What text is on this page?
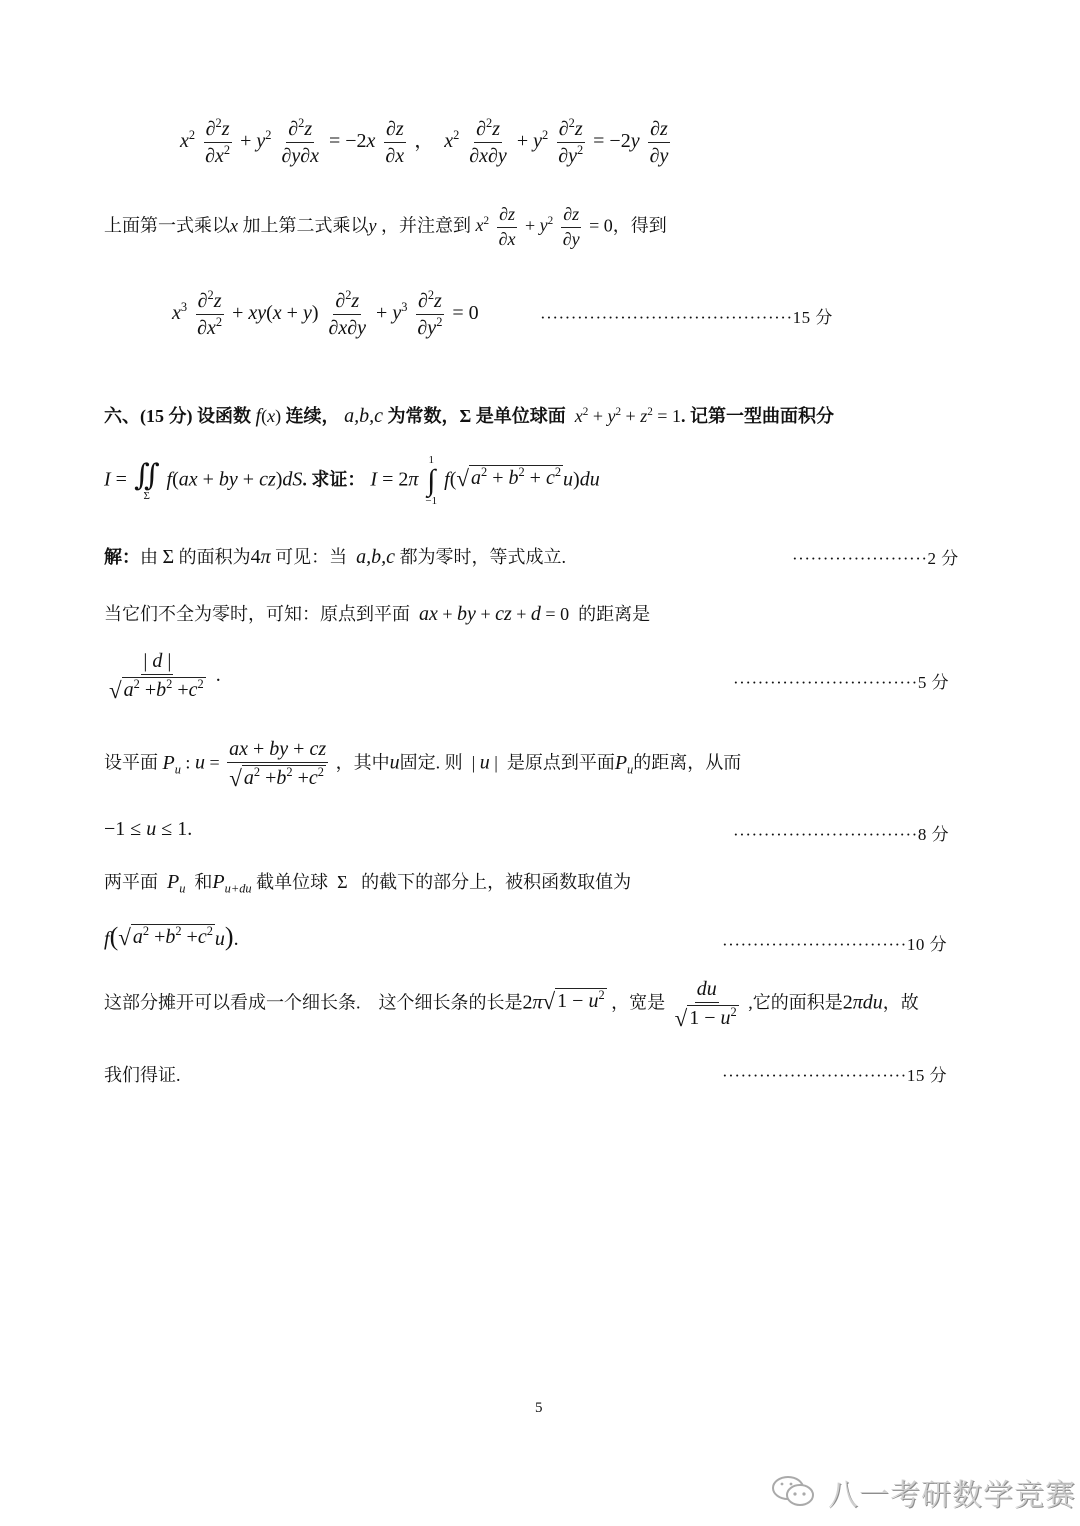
$x^2 \frac{\partial^2z}{\partial x^2} + y^2 \frac{\partial^2z}{\partial y\partial x} = -2x \frac{\partial z}{\partial x}$ ，  $x^2 \frac{\partial^2z}{\partial x\partial y} + y^2 \frac{\partial^2z}{\partial y^2} = -2y \frac{\partial z}{\partial y}$
上面第一式乘以x 加上第二式乘以y ，并注意到 $x^2 \frac{\partial z}{\partial x} + y^2 \frac{\partial z}{\partial y} = 0$，得到
$x^3 \frac{\partial^2z}{\partial x^2} + xy(x + y) \frac{\partial^2z}{\partial x\partial y} + y^3 \frac{\partial^2z}{\partial y^2} = 0$	·········································15 分
六、(15 分) 设函数 f(x) 连续， a,b,c 为常数，Σ 是单位球面 $x^2 + y^2 + z^2 = 1$. 记第一型曲面积分
I = ∬
Σ
f(ax + by + cz)dS. 求证： I = 2π
1
∫
−1
f( √ $a^2 + b^2 + c^2$ u)du
解：由 Σ 的面积为4π 可见：当 a,b,c 都为零时，等式成立.	······················2 分
当它们不全为零时，可知：原点到平面 ax + by + cz + d = 0  的距离是
$\frac{| d |}{√ a^2 +b^2 +c^2}$ .	······························5 分
设平面 $P_u$ : $u = \frac{ax + by + cz}{√ a^2 +b^2 +c^2}$ ，其中u固定. 则  | u |  是原点到平面$P_u$的距离，从而
−1 ≤ u ≤ 1.	······························8 分
两平面 $P_u$ 和$P_{u+du}$ 截单位球  Σ   的截下的部分上，被积函数取值为
f( √ $a^2 +b^2 +c^2$ u).	······························10 分
这部分摊开可以看成一个细长条.　这个细长条的长是2π √ $1 - u^2$ ，宽是 $\frac{du}{√ 1 - u^2}$ ,它的面积是2πdu，故
我们得证.	······························15 分
5
八一考研数学竞赛
